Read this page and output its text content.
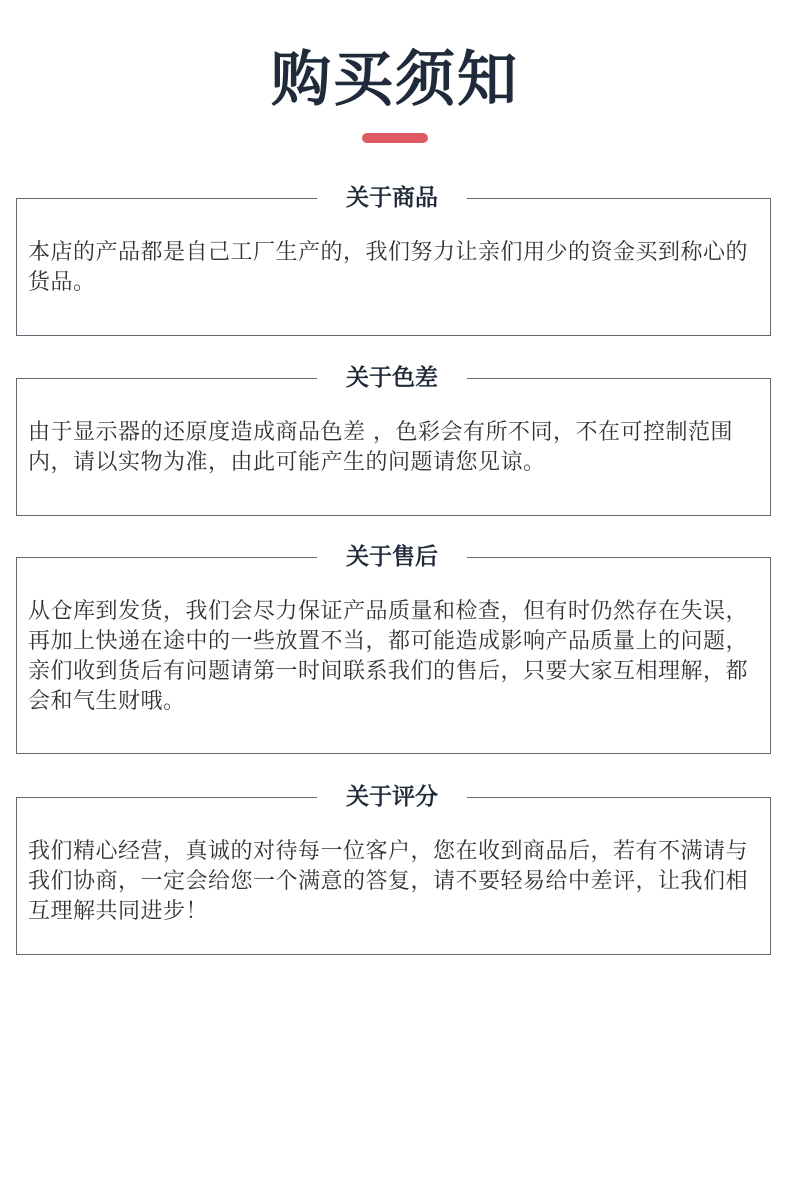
购买须知
关于商品

本店的产品都是自己工厂生产的，我们努力让亲们用少的资金买到称心的货品。

关于色差

由于显示器的还原度造成商品色差 ，色彩会有所不同，不在可控制范围内，请以实物为准，由此可能产生的问题请您见谅。

关于售后

从仓库到发货，我们会尽力保证产品质量和检查，但有时仍然存在失误，再加上快递在途中的一些放置不当，都可能造成影响产品质量上的问题，亲们收到货后有问题请第一时间联系我们的售后，只要大家互相理解，都会和气生财哦。

关于评分

我们精心经营，真诚的对待每一位客户，您在收到商品后，若有不满请与我们协商，一定会给您一个满意的答复，请不要轻易给中差评，让我们相互理解共同进步！
